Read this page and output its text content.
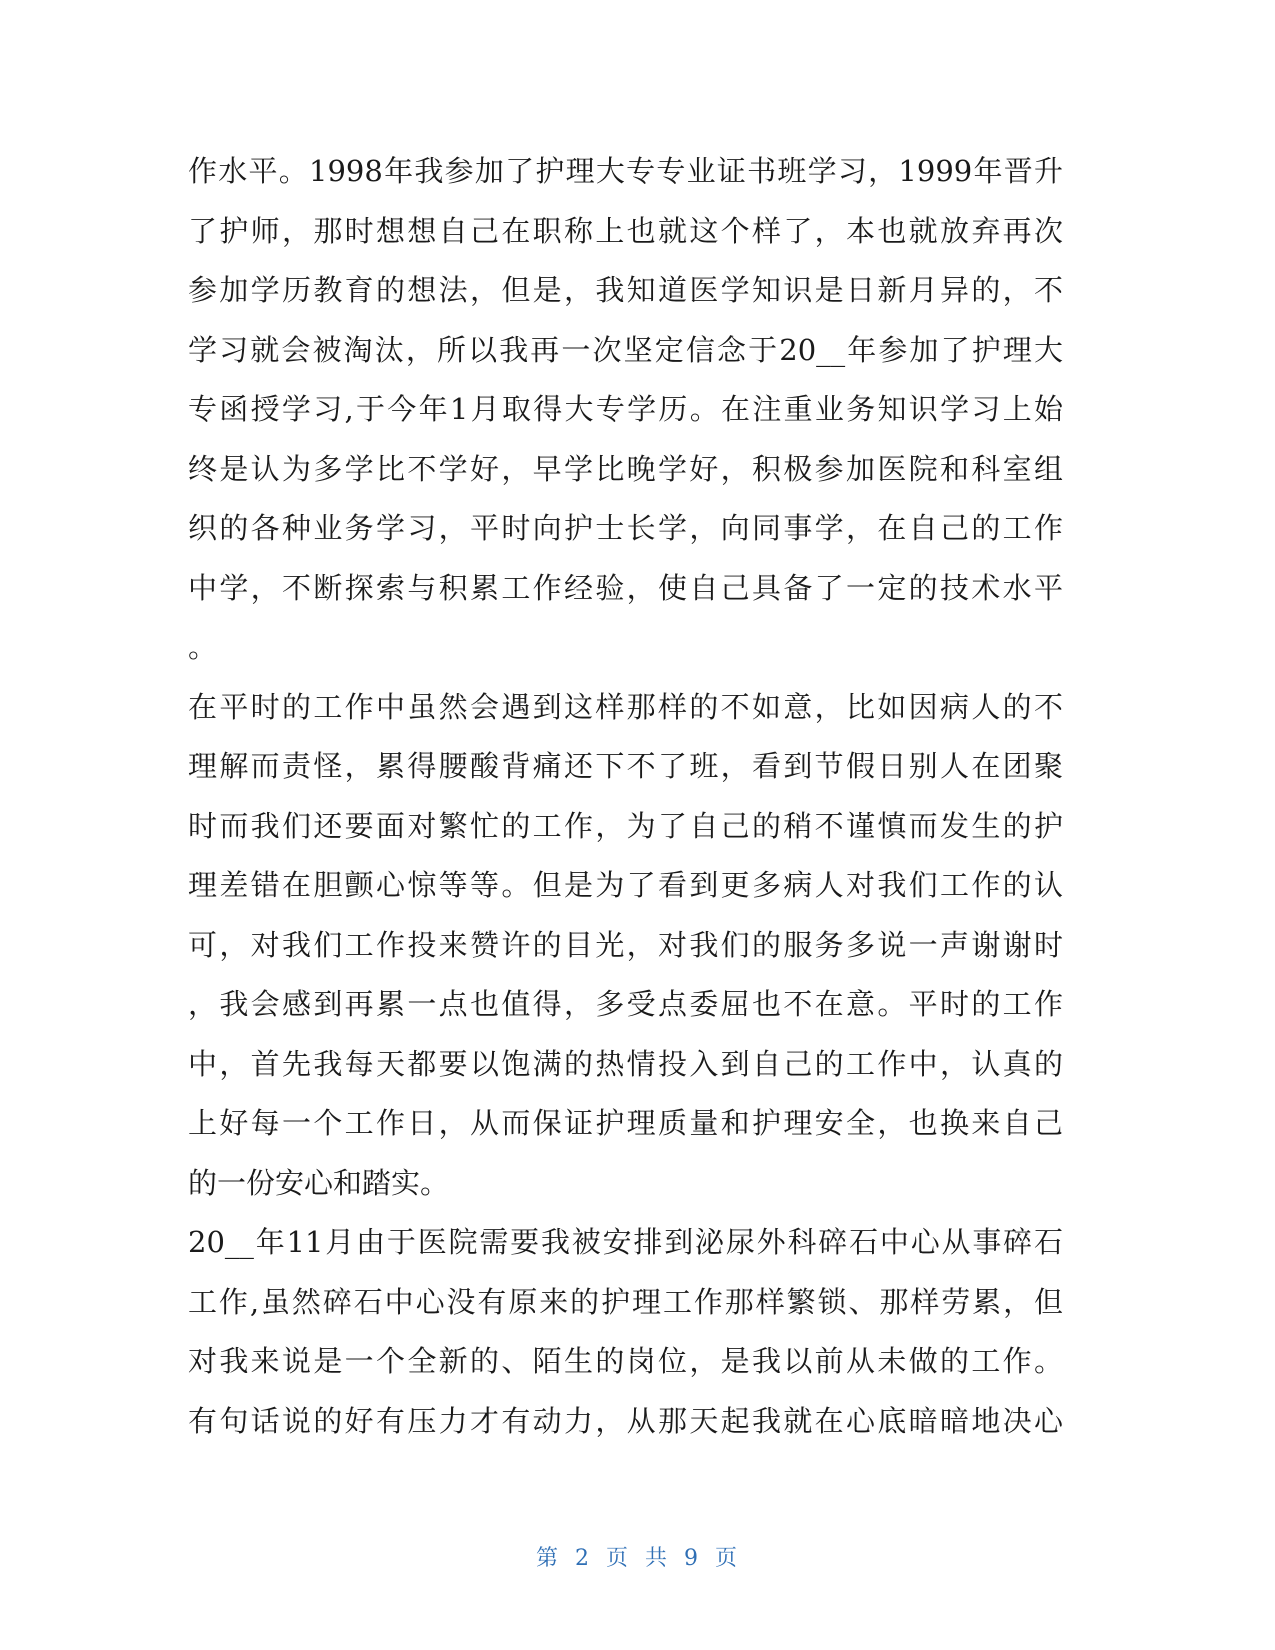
作水平。1998年我参加了护理大专专业证书班学习，1999年晋升
了护师，那时想想自己在职称上也就这个样了，本也就放弃再次
参加学历教育的想法，但是，我知道医学知识是日新月异的，不
学习就会被淘汰，所以我再一次坚定信念于20__年参加了护理大
专函授学习,于今年1月取得大专学历。在注重业务知识学习上始
终是认为多学比不学好，早学比晚学好，积极参加医院和科室组
织的各种业务学习，平时向护士长学，向同事学，在自己的工作
中学，不断探索与积累工作经验，使自己具备了一定的技术水平
。
在平时的工作中虽然会遇到这样那样的不如意，比如因病人的不
理解而责怪，累得腰酸背痛还下不了班，看到节假日别人在团聚
时而我们还要面对繁忙的工作，为了自己的稍不谨慎而发生的护
理差错在胆颤心惊等等。但是为了看到更多病人对我们工作的认
可，对我们工作投来赞许的目光，对我们的服务多说一声谢谢时
，我会感到再累一点也值得，多受点委屈也不在意。平时的工作
中，首先我每天都要以饱满的热情投入到自己的工作中，认真的
上好每一个工作日，从而保证护理质量和护理安全，也换来自己
的一份安心和踏实。
20__年11月由于医院需要我被安排到泌尿外科碎石中心从事碎石
工作,虽然碎石中心没有原来的护理工作那样繁锁、那样劳累，但
对我来说是一个全新的、陌生的岗位，是我以前从未做的工作。
有句话说的好有压力才有动力，从那天起我就在心底暗暗地决心
第 2 页 共 9 页
